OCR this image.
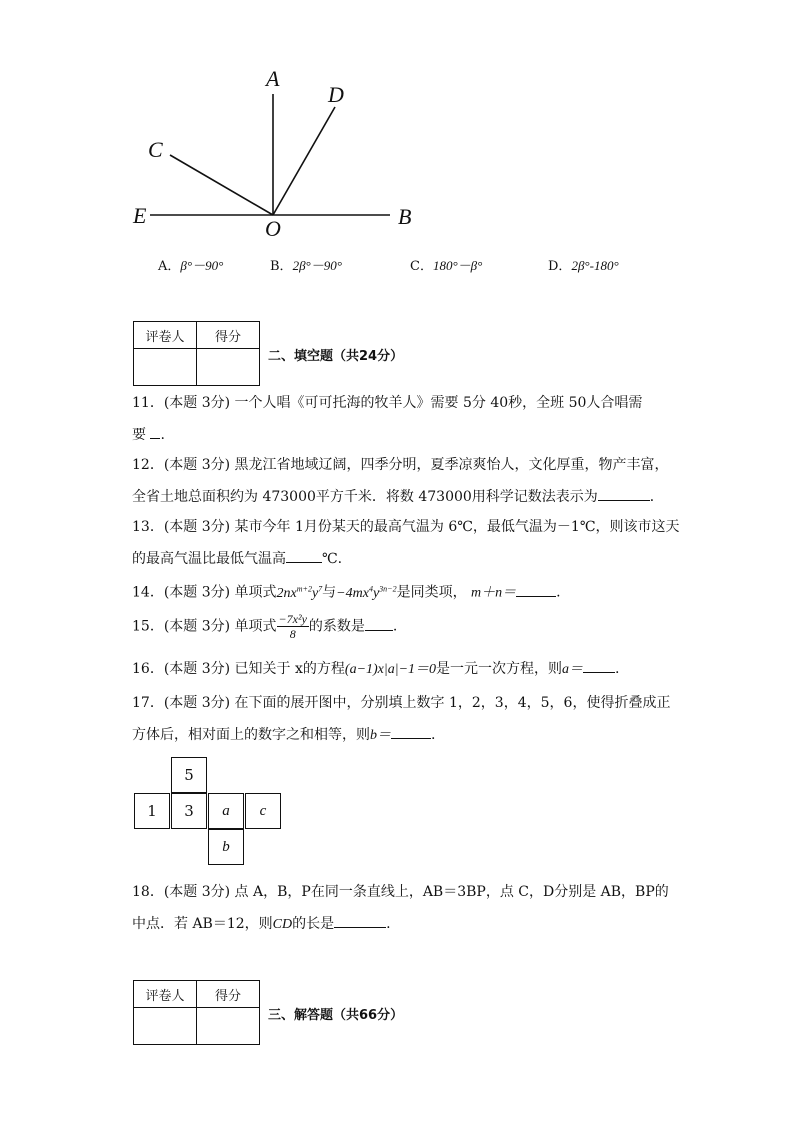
A
D
C
E
O	B
A．β°－90°	B．2β°－90°	C．180°－β°	D．2β°-180°
评卷人	得分

二、填空题（共24分）
11．(本题 3分) 一个人唱《可可托海的牧羊人》需要 5分 40秒，全班 50人合唱需
要 .
12．(本题 3分) 黑龙江省地域辽阔，四季分明，夏季凉爽怡人，文化厚重，物产丰富，
全省土地总面积约为 473000平方千米．将数 473000用科学记数法表示为	．
13．(本题 3分) 某市今年 1月份某天的最高气温为 6℃，最低气温为－1℃，则该市这天
的最高气温比最低气温高	℃.
14．(本题 3分) 单项式$2nx^{m+2}y^7$与$-4mx^4y^{3n-2}$是同类项， m＋n＝	.
15．(本题 3分) 单项式 $\frac{\text{−7x²y}}{8}$ 的系数是 .
16．(本题 3分) 已知关于 x的方程(a−1)x|a|−1＝0是一元一次方程，则a＝ .
17．(本题 3分) 在下面的展开图中，分别填上数字 1，2，3，4，5，6，使得折叠成正
方体后，相对面上的数字之和相等，则b＝	.
5
1	3	a	c
b
18．(本题 3分) 点 A，B，P在同一条直线上，AB＝3BP，点 C，D分别是 AB，BP的
中点．若 AB＝12，则CD的长是	.
评卷人	得分

三、解答题（共66分）
